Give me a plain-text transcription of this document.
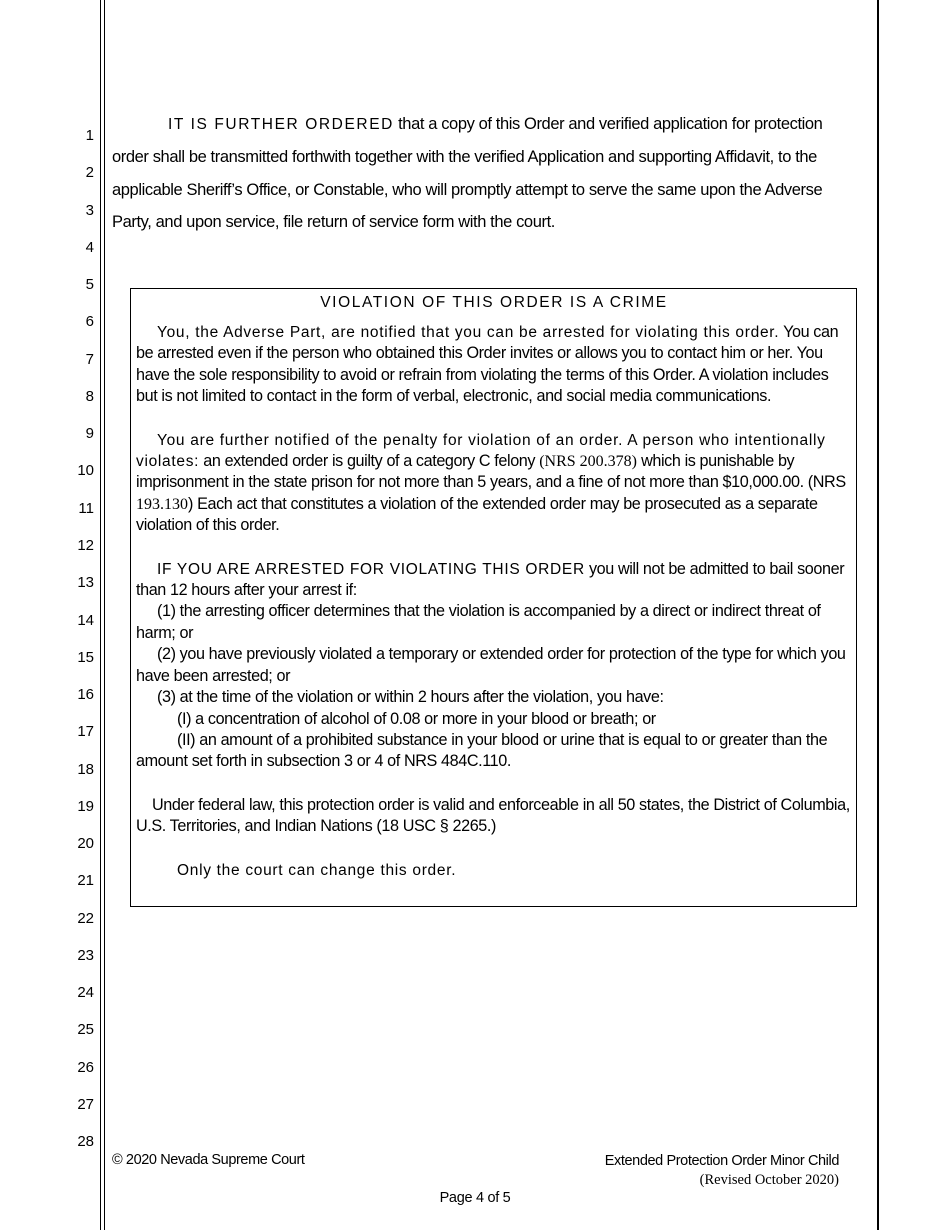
1
2
3
4
5
6
7
8
9
10
11
12
13
14
15
16
17
18
19
20
21
22
23
24
25
26
27
28
IT IS FURTHER ORDERED that a copy of this Order and verified application for protection order shall be transmitted forthwith together with the verified Application and supporting Affidavit, to the applicable Sheriff’s Office, or Constable, who will promptly attempt to serve the same upon the Adverse Party, and upon service, file return of service form with the court.
VIOLATION OF THIS ORDER IS A CRIME

You, the Adverse Part, are notified that you can be arrested for violating this order. You can be arrested even if the person who obtained this Order invites or allows you to contact him or her. You have the sole responsibility to avoid or refrain from violating the terms of this Order. A violation includes but is not limited to contact in the form of verbal, electronic, and social media communications.

You are further notified of the penalty for violation of an order. A person who intentionally violates: an extended order is guilty of a category C felony (NRS 200.378) which is punishable by imprisonment in the state prison for not more than 5 years, and a fine of not more than $10,000.00. (NRS 193.130) Each act that constitutes a violation of the extended order may be prosecuted as a separate violation of this order.

IF YOU ARE ARRESTED FOR VIOLATING THIS ORDER you will not be admitted to bail sooner than 12 hours after your arrest if:
(1) the arresting officer determines that the violation is accompanied by a direct or indirect threat of harm; or
(2) you have previously violated a temporary or extended order for protection of the type for which you have been arrested; or
(3) at the time of the violation or within 2 hours after the violation, you have:
(I) a concentration of alcohol of 0.08 or more in your blood or breath; or
(II) an amount of a prohibited substance in your blood or urine that is equal to or greater than the amount set forth in subsection 3 or 4 of NRS 484C.110.

Under federal law, this protection order is valid and enforceable in all 50 states, the District of Columbia, U.S. Territories, and Indian Nations (18 USC § 2265.)

Only the court can change this order.
© 2020 Nevada Supreme Court	Extended Protection Order Minor Child
(Revised October 2020)
Page 4 of 5
